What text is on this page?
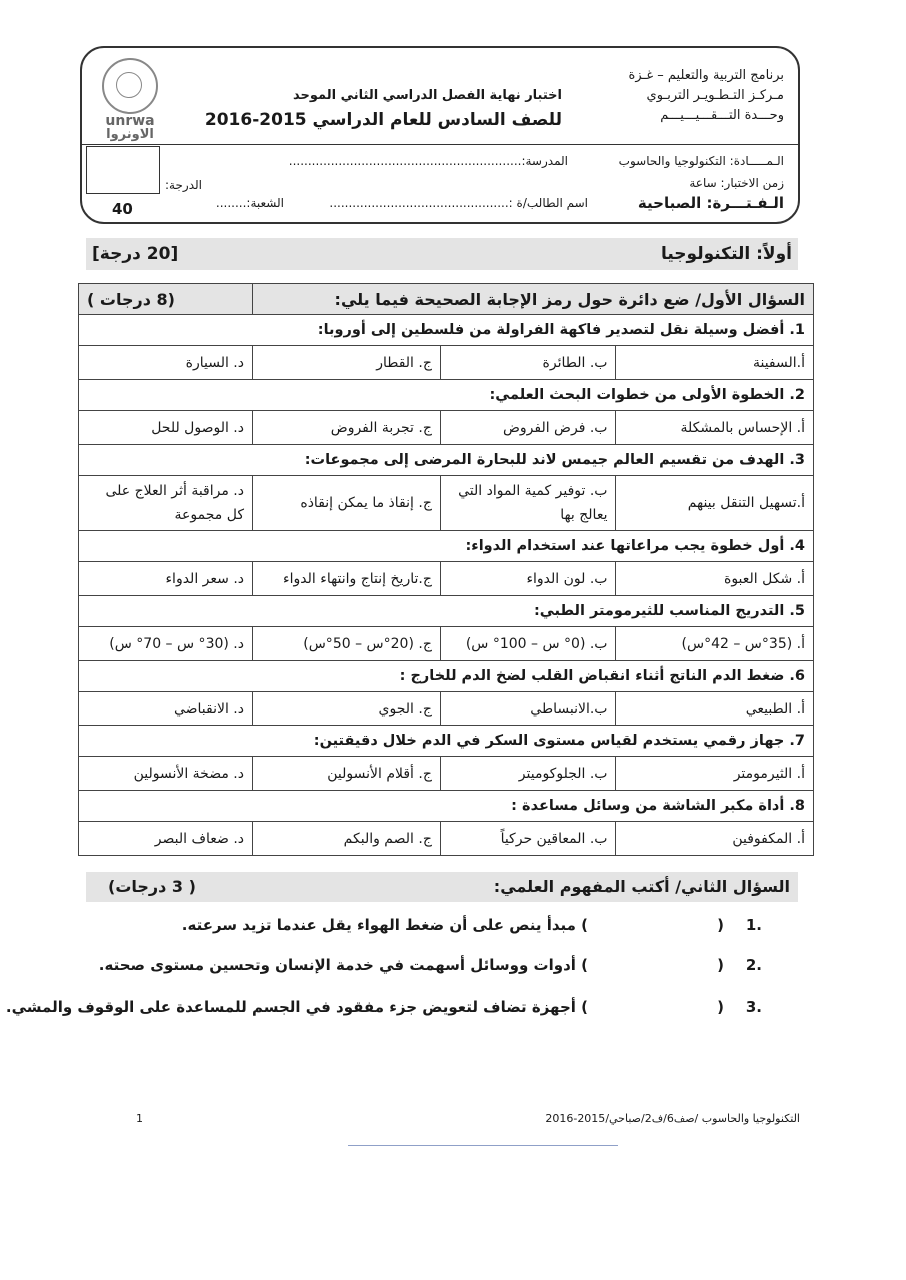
برنامج التربية والتعليم – غـزة
مـركـز التـطـويـر التربـوي
وحـــدة التـــقـــيـــيـــم
اختبار نهاية الفصل الدراسي الثاني الموحد
للصف السادس للعام الدراسي 2015-2016
unrwa
الاونروا
الـمـــــادة: التكنولوجيا والحاسوب
المدرسة:.............................................................
زمن الاختبار: ساعة
الدرجة:
اسم الطالب/ة :...............................................
الشعبة:........	الـفـتـــرة: الصباحية
40
أولاً: التكنولوجيا
[20 درجة]
السؤال الأول/ ضع دائرة حول رمز الإجابة الصحيحة فيما يلي:			(8 درجات )
1. أفضل وسيلة نقل لتصدير فاكهة الفراولة من فلسطين إلى أوروبا:			
أ.السفينة	ب. الطائرة	ج. القطار	د. السيارة
2. الخطوة الأولى من خطوات البحث العلمي:			
أ. الإحساس بالمشكلة	ب. فرض الفروض	ج. تجربة الفروض	د. الوصول للحل
3. الهدف من تقسيم العالم جيمس لاند للبحارة المرضى إلى مجموعات:			
أ.تسهيل التنقل بينهم	ب. توفير كمية المواد التي يعالج بها	ج. إنقاذ ما يمكن إنقاذه	د. مراقبة أثر العلاج على كل مجموعة
4. أول خطوة يجب مراعاتها عند استخدام الدواء:			
أ. شكل العبوة	ب. لون الدواء	ج.تاريخ إنتاج وانتهاء الدواء	د. سعر الدواء
5. التدريج المناسب للثيرمومتر الطبي:			
أ. (35°س – 42°س)	ب. (0° س – 100° س)	ج. (20°س – 50°س)	د. (30° س – 70° س)
6. ضغط الدم الناتج أثناء انقباض القلب لضخ الدم للخارج :			
أ. الطبيعي	ب.الانبساطي	ج. الجوي	د. الانقباضي
7. جهاز رقمي يستخدم لقياس مستوى السكر في الدم خلال دقيقتين:			
أ. الثيرمومتر	ب. الجلوكوميتر	ج. أقلام الأنسولين	د. مضخة الأنسولين
8. أداة مكبر الشاشة من وسائل مساعدة :			
أ. المكفوفين	ب. المعاقين حركياً	ج. الصم والبكم	د. ضعاف البصر
السؤال الثاني/ أكتب المفهوم العلمي:
( 3 درجات)
.1
(
) مبدأ ينص على أن ضغط الهواء يقل عندما تزيد سرعته.
.2
(
) أدوات ووسائل أسهمت في خدمة الإنسان وتحسين مستوى صحته.
.3
(
) أجهزة تضاف لتعويض جزء مفقود في الجسم للمساعدة على الوقوف والمشي.
التكنولوجيا والحاسوب /صف6/ف2/صباحي/2015-2016
1
